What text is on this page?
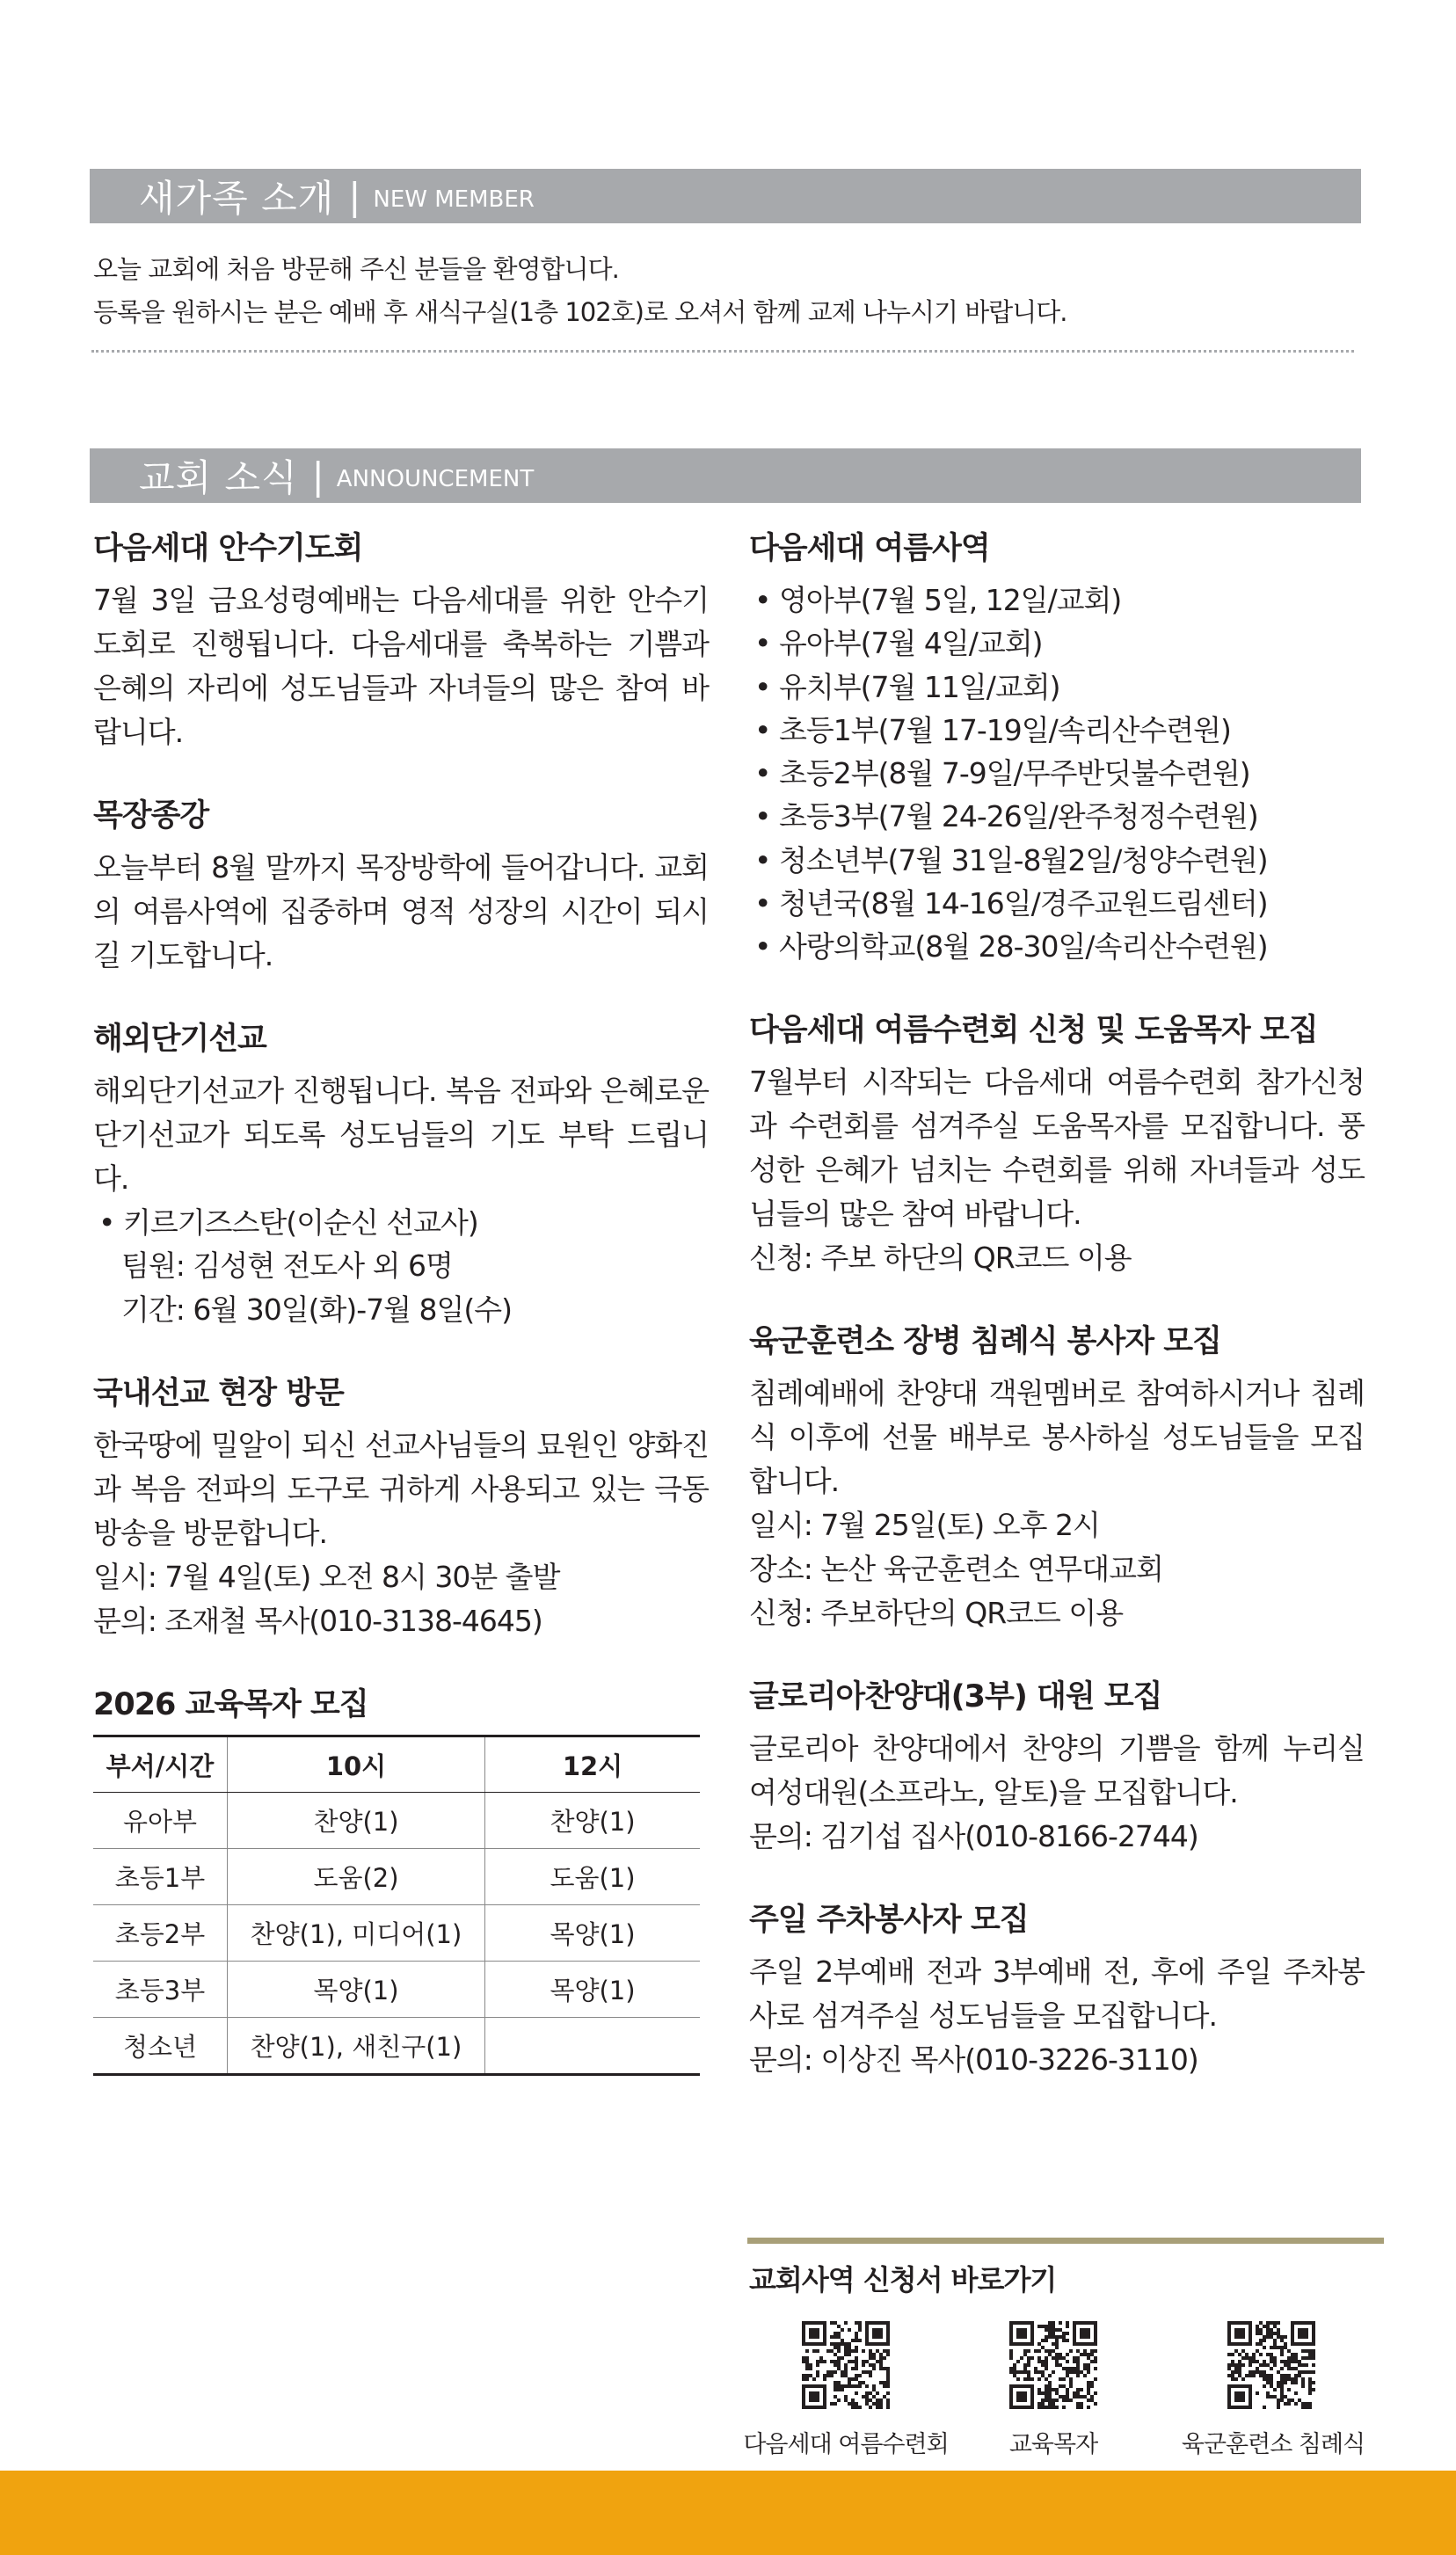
새가족 소개 | NEW MEMBER
오늘 교회에 처음 방문해 주신 분들을 환영합니다.
등록을 원하시는 분은 예배 후 새식구실(1층 102호)로 오셔서 함께 교제 나누시기 바랍니다.
교회 소식 | ANNOUNCEMENT
다음세대 안수기도회
7월 3일 금요성령예배는 다음세대를 위한 안수기도회로 진행됩니다. 다음세대를 축복하는 기쁨과 은혜의 자리에 성도님들과 자녀들의 많은 참여 바랍니다.
목장종강
오늘부터 8월 말까지 목장방학에 들어갑니다. 교회의 여름사역에 집중하며 영적 성장의 시간이 되시길 기도합니다.
해외단기선교
해외단기선교가 진행됩니다. 복음 전파와 은혜로운 단기선교가 되도록 성도님들의 기도 부탁 드립니다.
• 키르기즈스탄(이순신 선교사)
팀원: 김성현 전도사 외 6명
기간: 6월 30일(화)-7월 8일(수)
국내선교 현장 방문
한국땅에 밀알이 되신 선교사님들의 묘원인 양화진과 복음 전파의 도구로 귀하게 사용되고 있는 극동방송을 방문합니다.
일시: 7월 4일(토) 오전 8시 30분 출발
문의: 조재철 목사(010-3138-4645)
2026 교육목자 모집
부서/시간	10시	12시
유아부	찬양(1)	찬양(1)
초등1부	도움(2)	도움(1)
초등2부	찬양(1), 미디어(1)	목양(1)
초등3부	목양(1)	목양(1)
청소년	찬양(1), 새친구(1)	
다음세대 여름사역
• 영아부(7월 5일, 12일/교회)
• 유아부(7월 4일/교회)
• 유치부(7월 11일/교회)
• 초등1부(7월 17-19일/속리산수련원)
• 초등2부(8월 7-9일/무주반딧불수련원)
• 초등3부(7월 24-26일/완주청정수련원)
• 청소년부(7월 31일-8월2일/청양수련원)
• 청년국(8월 14-16일/경주교원드림센터)
• 사랑의학교(8월 28-30일/속리산수련원)
다음세대 여름수련회 신청 및 도움목자 모집
7월부터 시작되는 다음세대 여름수련회 참가신청과 수련회를 섬겨주실 도움목자를 모집합니다. 풍성한 은혜가 넘치는 수련회를 위해 자녀들과 성도님들의 많은 참여 바랍니다.
신청: 주보 하단의 QR코드 이용
육군훈련소 장병 침례식 봉사자 모집
침례예배에 찬양대 객원멤버로 참여하시거나 침례식 이후에 선물 배부로 봉사하실 성도님들을 모집합니다.
일시: 7월 25일(토) 오후 2시
장소: 논산 육군훈련소 연무대교회
신청: 주보하단의 QR코드 이용
글로리아찬양대(3부) 대원 모집
글로리아 찬양대에서 찬양의 기쁨을 함께 누리실 여성대원(소프라노, 알토)을 모집합니다.
문의: 김기섭 집사(010-8166-2744)
주일 주차봉사자 모집
주일 2부예배 전과 3부예배 전, 후에 주일 주차봉사로 섬겨주실 성도님들을 모집합니다.
문의: 이상진 목사(010-3226-3110)
교회사역 신청서 바로가기
다음세대 여름수련회	교육목자	육군훈련소 침례식
